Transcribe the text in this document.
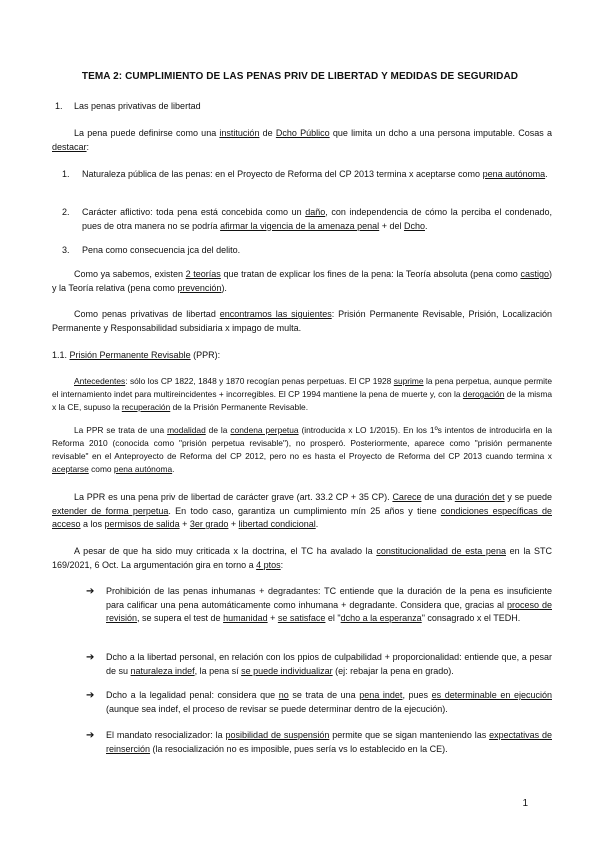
TEMA 2: CUMPLIMIENTO DE LAS PENAS PRIV DE LIBERTAD Y MEDIDAS DE SEGURIDAD
1. Las penas privativas de libertad
La pena puede definirse como una institución de Dcho Público que limita un dcho a una persona imputable. Cosas a destacar:
1. Naturaleza pública de las penas: en el Proyecto de Reforma del CP 2013 termina x aceptarse como pena autónoma.
2. Carácter aflictivo: toda pena está concebida como un daño, con independencia de cómo la perciba el condenado, pues de otra manera no se podría afirmar la vigencia de la amenaza penal + del Dcho.
3. Pena como consecuencia jca del delito.
Como ya sabemos, existen 2 teorías que tratan de explicar los fines de la pena: la Teoría absoluta (pena como castigo) y la Teoría relativa (pena como prevención).
Como penas privativas de libertad encontramos las siguientes: Prisión Permanente Revisable, Prisión, Localización Permanente y Responsabilidad subsidiaria x impago de multa.
1.1. Prisión Permanente Revisable (PPR):
Antecedentes: sólo los CP 1822, 1848 y 1870 recogían penas perpetuas. El CP 1928 suprime la pena perpetua, aunque permite el internamiento indet para multireincidentes + incorregibles. El CP 1994 mantiene la pena de muerte y, con la derogación de la misma x la CE, supuso la recuperación de la Prisión Permanente Revisable.
La PPR se trata de una modalidad de la condena perpetua (introducida x LO 1/2015). En los 1ºs intentos de introducirla en la Reforma 2010 (conocida como "prisión perpetua revisable"), no prosperó. Posteriormente, aparece como "prisión permanente revisable" en el Anteproyecto de Reforma del CP 2012, pero no es hasta el Proyecto de Reforma del CP 2013 cuando termina x aceptarse como pena autónoma.
La PPR es una pena priv de libertad de carácter grave (art. 33.2 CP + 35 CP). Carece de una duración det y se puede extender de forma perpetua. En todo caso, garantiza un cumplimiento mín 25 años y tiene condiciones específicas de acceso a los permisos de salida + 3er grado + libertad condicional.
A pesar de que ha sido muy criticada x la doctrina, el TC ha avalado la constitucionalidad de esta pena en la STC 169/2021, 6 Oct. La argumentación gira en torno a 4 ptos:
➔ Prohibición de las penas inhumanas + degradantes: TC entiende que la duración de la pena es insuficiente para calificar una pena automáticamente como inhumana + degradante. Considera que, gracias al proceso de revisión, se supera el test de humanidad + se satisface el "dcho a la esperanza" consagrado x el TEDH.
➔ Dcho a la libertad personal, en relación con los ppios de culpabilidad + proporcionalidad: entiende que, a pesar de su naturaleza indef, la pena sí se puede individualizar (ej: rebajar la pena en grado).
➔ Dcho a la legalidad penal: considera que no se trata de una pena indet, pues es determinable en ejecución (aunque sea indef, el proceso de revisar se puede determinar dentro de la ejecución).
➔ El mandato resocializador: la posibilidad de suspensión permite que se sigan manteniendo las expectativas de reinserción (la resocialización no es imposible, pues sería vs lo establecido en la CE).
1
